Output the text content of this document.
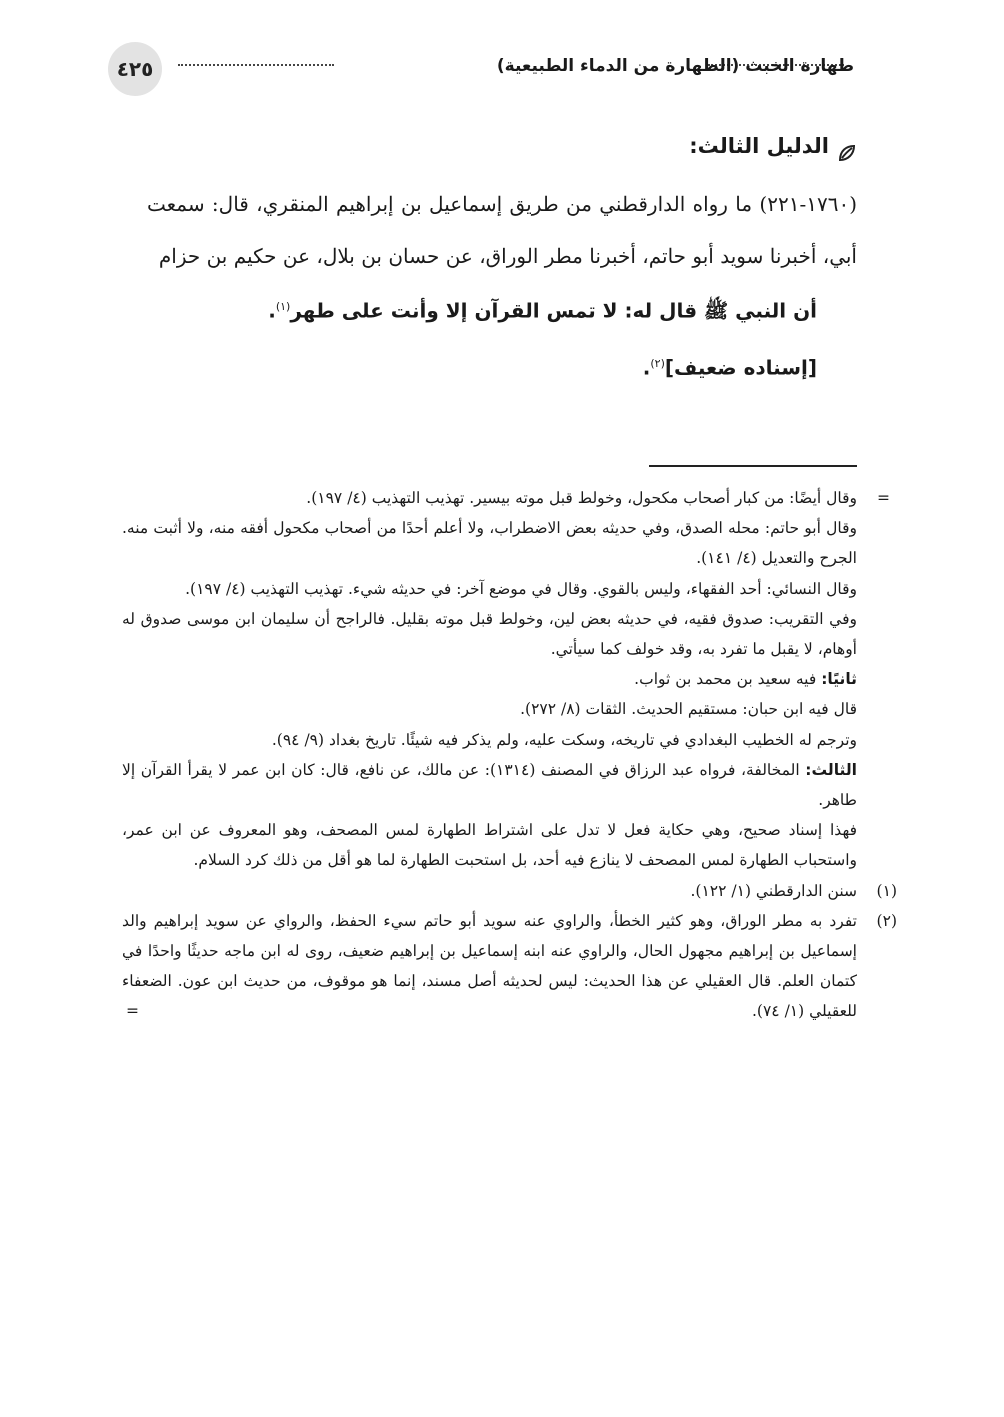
طهارة الخبث (الطهارة من الدماء الطبيعية)
٤٢٥
الدليل الثالث:
(١٧٦٠-٢٢١) ما رواه الدارقطني من طريق إسماعيل بن إبراهيم المنقري، قال: سمعت أبي، أخبرنا سويد أبو حاتم، أخبرنا مطر الوراق، عن حسان بن بلال، عن حكيم بن حزام
أن النبي ﷺ قال له: لا تمس القرآن إلا وأنت على طهر$^{(١)}$.
[إسناده ضعيف]$^{(٢)}$.
=
وقال أيضًا: من كبار أصحاب مكحول، وخولط قبل موته بيسير. تهذيب التهذيب (٤/ ١٩٧).
وقال أبو حاتم: محله الصدق، وفي حديثه بعض الاضطراب، ولا أعلم أحدًا من أصحاب مكحول أفقه منه، ولا أثبت منه. الجرح والتعديل (٤/ ١٤١).
وقال النسائي: أحد الفقهاء، وليس بالقوي. وقال في موضع آخر: في حديثه شيء. تهذيب التهذيب (٤/ ١٩٧).
وفي التقريب: صدوق فقيه، في حديثه بعض لين، وخولط قبل موته بقليل. فالراجح أن سليمان ابن موسى صدوق له أوهام، لا يقبل ما تفرد به، وقد خولف كما سيأتي.
ثانيًا: فيه سعيد بن محمد بن ثواب.
قال فيه ابن حبان: مستقيم الحديث. الثقات (٨/ ٢٧٢).
وترجم له الخطيب البغدادي في تاريخه، وسكت عليه، ولم يذكر فيه شيئًا. تاريخ بغداد (٩/ ٩٤).
الثالث: المخالفة، فرواه عبد الرزاق في المصنف (١٣١٤): عن مالك، عن نافع، قال: كان ابن عمر لا يقرأ القرآن إلا طاهر.
فهذا إسناد صحيح، وهي حكاية فعل لا تدل على اشتراط الطهارة لمس المصحف، وهو المعروف عن ابن عمر، واستحباب الطهارة لمس المصحف لا ينازع فيه أحد، بل استحبت الطهارة لما هو أقل من ذلك كرد السلام.
(١)
سنن الدارقطني (١/ ١٢٢).
(٢)
تفرد به مطر الوراق، وهو كثير الخطأ، والراوي عنه سويد أبو حاتم سيء الحفظ، والرواي عن سويد إبراهيم والد إسماعيل بن إبراهيم مجهول الحال، والراوي عنه ابنه إسماعيل بن إبراهيم ضعيف، روى له ابن ماجه حديثًا واحدًا في كتمان العلم. قال العقيلي عن هذا الحديث: ليس لحديثه أصل مسند، إنما هو موقوف، من حديث ابن عون. الضعفاء للعقيلي (١/ ٧٤).
=
